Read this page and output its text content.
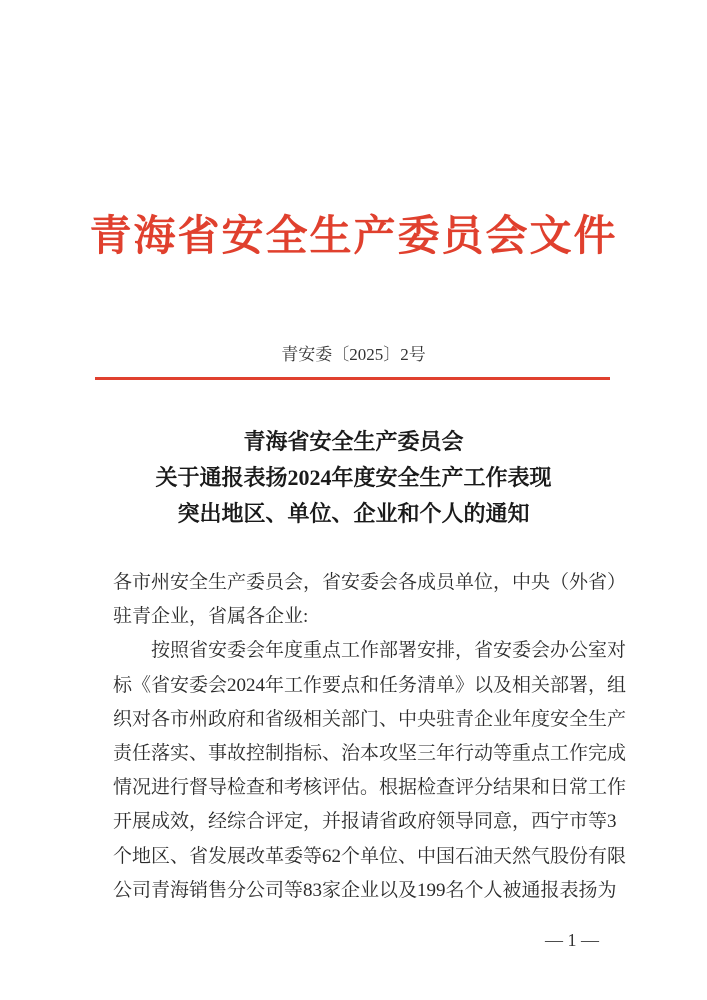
青海省安全生产委员会文件
青安委〔2025〕2号
青海省安全生产委员会
关于通报表扬2024年度安全生产工作表现
突出地区、单位、企业和个人的通知
各市州安全生产委员会，省安委会各成员单位，中央（外省）
驻青企业，省属各企业:
按照省安委会年度重点工作部署安排，省安委会办公室对
标《省安委会2024年工作要点和任务清单》以及相关部署，组
织对各市州政府和省级相关部门、中央驻青企业年度安全生产
责任落实、事故控制指标、治本攻坚三年行动等重点工作完成
情况进行督导检查和考核评估。根据检查评分结果和日常工作
开展成效，经综合评定，并报请省政府领导同意，西宁市等3
个地区、省发展改革委等62个单位、中国石油天然气股份有限
公司青海销售分公司等83家企业以及199名个人被通报表扬为
— 1 —
